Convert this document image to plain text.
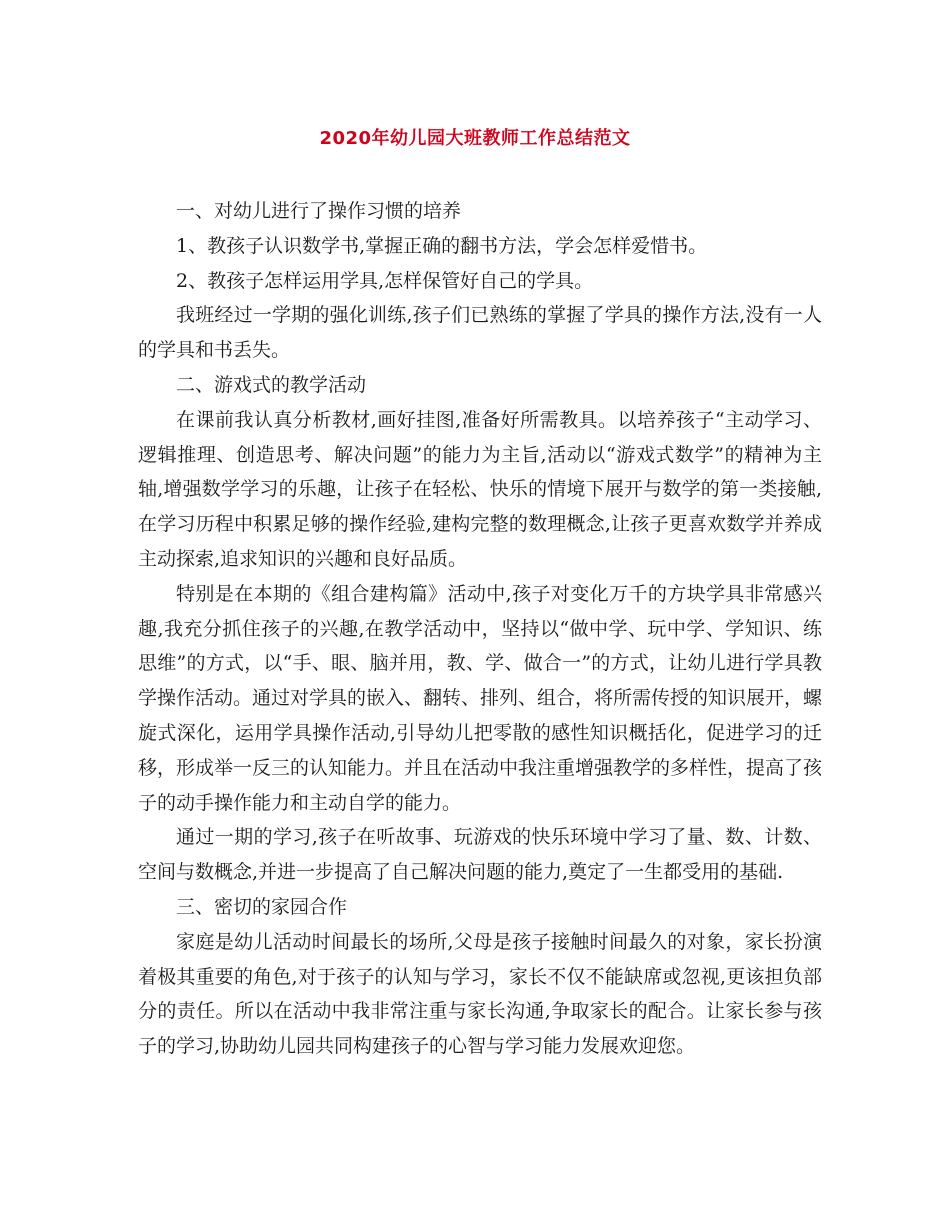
2020年幼儿园大班教师工作总结范文

一、对幼儿进行了操作习惯的培养

1、教孩子认识数学书,掌握正确的翻书方法，学会怎样爱惜书。

2、教孩子怎样运用学具,怎样保管好自己的学具。

我班经过一学期的强化训练,孩子们已熟练的掌握了学具的操作方法,没有一人的学具和书丢失。

二、游戏式的教学活动

在课前我认真分析教材,画好挂图,准备好所需教具。以培养孩子“主动学习、逻辑推理、创造思考、解决问题”的能力为主旨,活动以“游戏式数学”的精神为主轴,增强数学学习的乐趣，让孩子在轻松、快乐的情境下展开与数学的第一类接触,在学习历程中积累足够的操作经验,建构完整的数理概念,让孩子更喜欢数学并养成主动探索,追求知识的兴趣和良好品质。

特别是在本期的《组合建构篇》活动中,孩子对变化万千的方块学具非常感兴趣,我充分抓住孩子的兴趣,在教学活动中，坚持以“做中学、玩中学、学知识、练思维”的方式，以“手、眼、脑并用，教、学、做合一”的方式，让幼儿进行学具教学操作活动。通过对学具的嵌入、翻转、排列、组合，将所需传授的知识展开，螺旋式深化，运用学具操作活动,引导幼儿把零散的感性知识概括化，促进学习的迁移，形成举一反三的认知能力。并且在活动中我注重增强教学的多样性，提高了孩子的动手操作能力和主动自学的能力。

通过一期的学习,孩子在听故事、玩游戏的快乐环境中学习了量、数、计数、空间与数概念,并进一步提高了自己解决问题的能力,奠定了一生都受用的基础.

三、密切的家园合作

家庭是幼儿活动时间最长的场所,父母是孩子接触时间最久的对象，家长扮演着极其重要的角色,对于孩子的认知与学习，家长不仅不能缺席或忽视,更该担负部分的责任。所以在活动中我非常注重与家长沟通,争取家长的配合。让家长参与孩子的学习,协助幼儿园共同构建孩子的心智与学习能力发展欢迎您。
